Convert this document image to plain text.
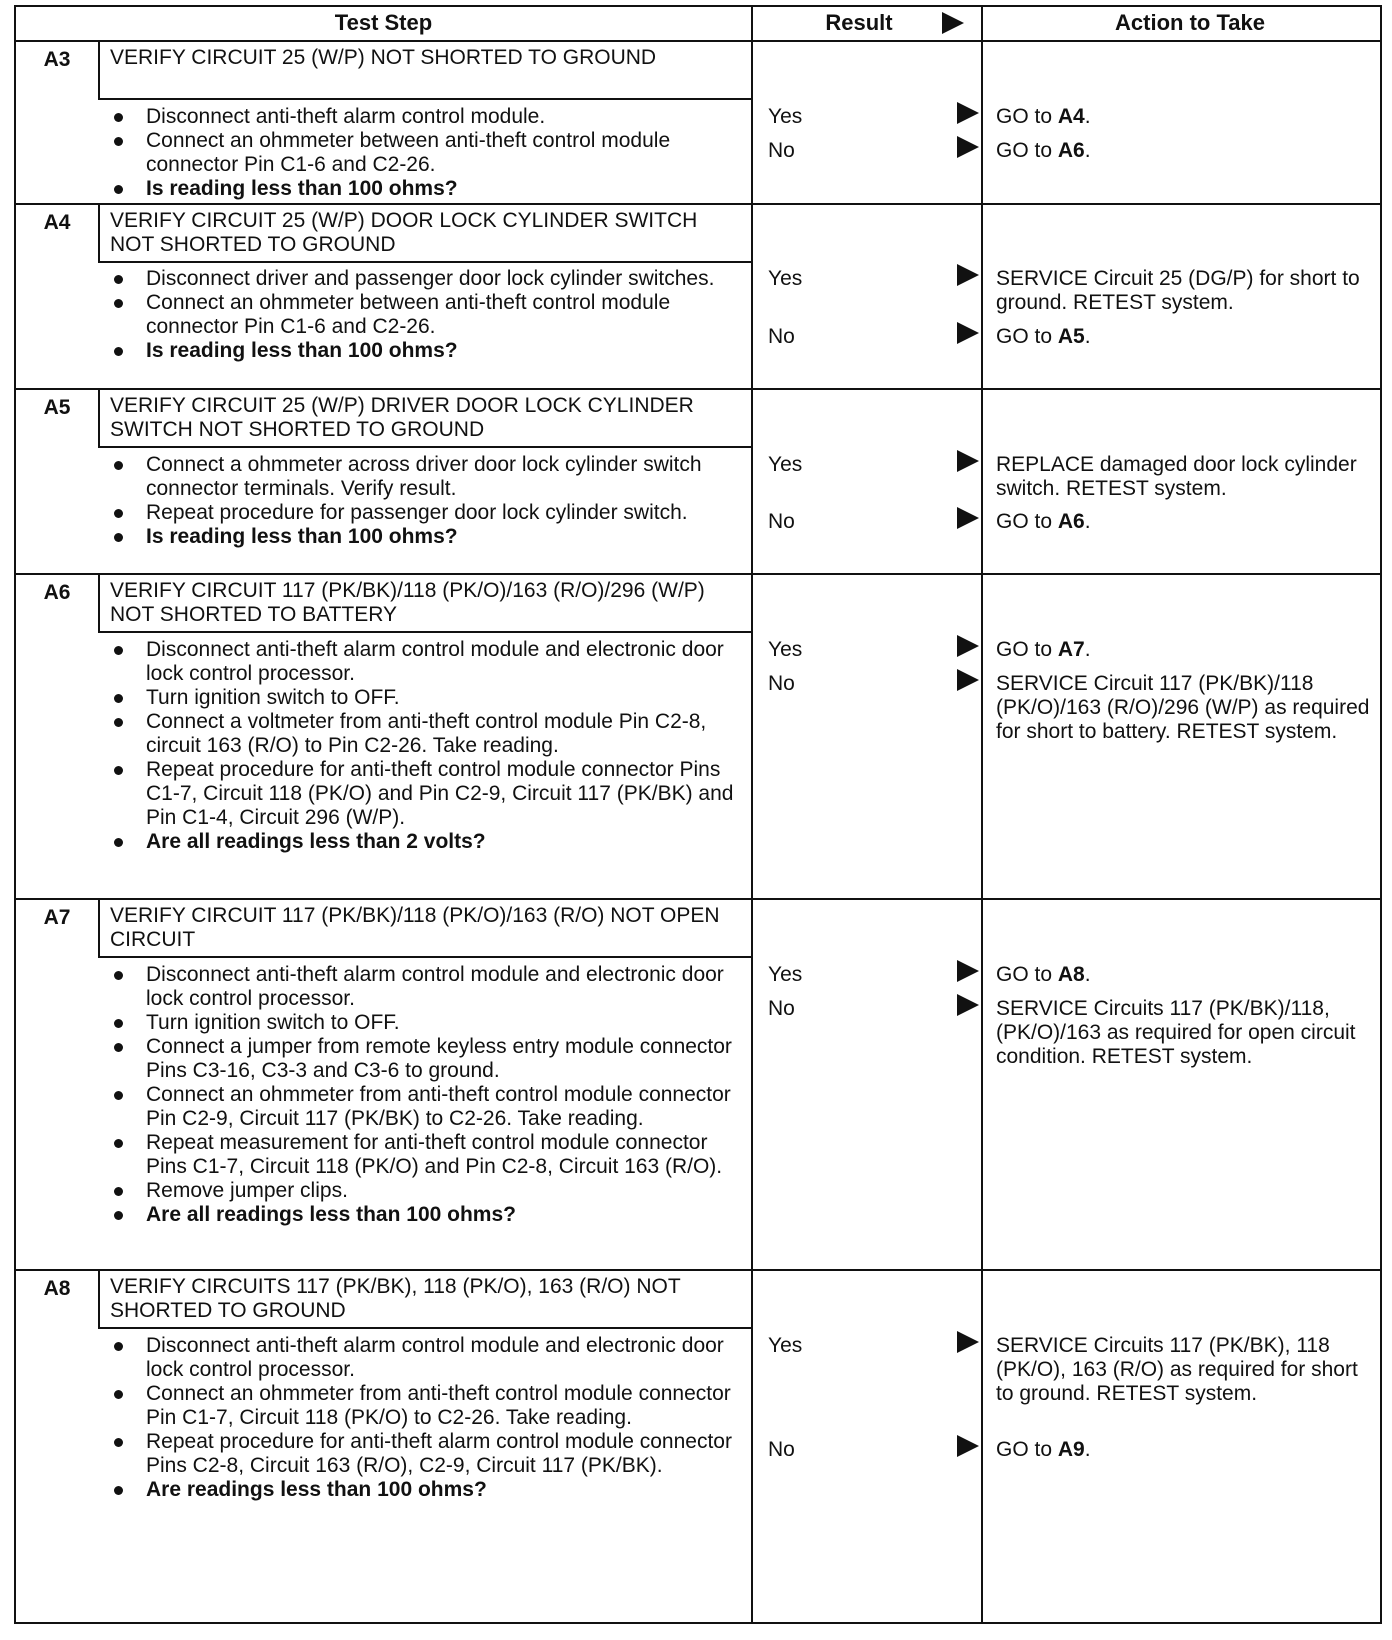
Test Step	Result	Action to Take
A3	VERIFY CIRCUIT 25 (W/P) NOT SHORTED TO GROUND
Disconnect anti-theft alarm control module.
Connect an ohmmeter between anti-theft control module connector Pin C1-6 and C2-26.
Is reading less than 100 ohms?
Yes	GO to A4.
No	GO to A6.
A4	VERIFY CIRCUIT 25 (W/P) DOOR LOCK CYLINDER SWITCH NOT SHORTED TO GROUND
Disconnect driver and passenger door lock cylinder switches.
Connect an ohmmeter between anti-theft control module connector Pin C1-6 and C2-26.
Is reading less than 100 ohms?
Yes	SERVICE Circuit 25 (DG/P) for short to ground. RETEST system.
No	GO to A5.
A5	VERIFY CIRCUIT 25 (W/P) DRIVER DOOR LOCK CYLINDER SWITCH NOT SHORTED TO GROUND
Connect a ohmmeter across driver door lock cylinder switch connector terminals. Verify result.
Repeat procedure for passenger door lock cylinder switch.
Is reading less than 100 ohms?
Yes	REPLACE damaged door lock cylinder switch. RETEST system.
No	GO to A6.
A6	VERIFY CIRCUIT 117 (PK/BK)/118 (PK/O)/163 (R/O)/296 (W/P) NOT SHORTED TO BATTERY
Disconnect anti-theft alarm control module and electronic door lock control processor.
Turn ignition switch to OFF.
Connect a voltmeter from anti-theft control module Pin C2-8, circuit 163 (R/O) to Pin C2-26. Take reading.
Repeat procedure for anti-theft control module connector Pins C1-7, Circuit 118 (PK/O) and Pin C2-9, Circuit 117 (PK/BK) and Pin C1-4, Circuit 296 (W/P).
Are all readings less than 2 volts?
Yes	GO to A7.
No	SERVICE Circuit 117 (PK/BK)/118 (PK/O)/163 (R/O)/296 (W/P) as required for short to battery. RETEST system.
A7	VERIFY CIRCUIT 117 (PK/BK)/118 (PK/O)/163 (R/O) NOT OPEN CIRCUIT
Disconnect anti-theft alarm control module and electronic door lock control processor.
Turn ignition switch to OFF.
Connect a jumper from remote keyless entry module connector Pins C3-16, C3-3 and C3-6 to ground.
Connect an ohmmeter from anti-theft control module connector Pin C2-9, Circuit 117 (PK/BK) to C2-26. Take reading.
Repeat measurement for anti-theft control module connector Pins C1-7, Circuit 118 (PK/O) and Pin C2-8, Circuit 163 (R/O).
Remove jumper clips.
Are all readings less than 100 ohms?
Yes	GO to A8.
No	SERVICE Circuits 117 (PK/BK)/118, (PK/O)/163 as required for open circuit condition. RETEST system.
A8	VERIFY CIRCUITS 117 (PK/BK), 118 (PK/O), 163 (R/O) NOT SHORTED TO GROUND
Disconnect anti-theft alarm control module and electronic door lock control processor.
Connect an ohmmeter from anti-theft control module connector Pin C1-7, Circuit 118 (PK/O) to C2-26. Take reading.
Repeat procedure for anti-theft alarm control module connector Pins C2-8, Circuit 163 (R/O), C2-9, Circuit 117 (PK/BK).
Are readings less than 100 ohms?
Yes	SERVICE Circuits 117 (PK/BK), 118 (PK/O), 163 (R/O) as required for short to ground. RETEST system.
No	GO to A9.
